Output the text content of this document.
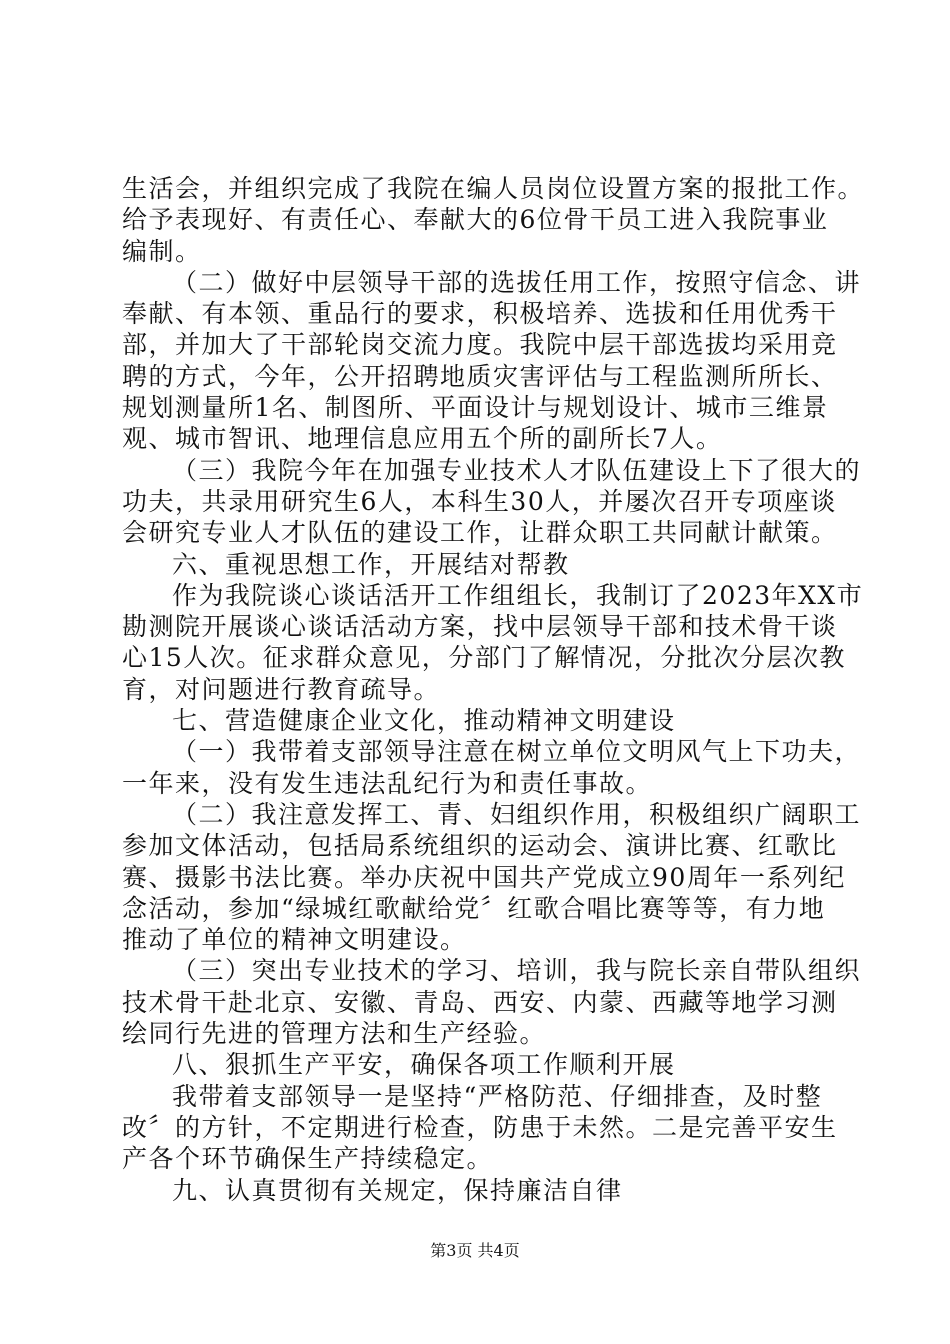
生活会，并组织完成了我院在编人员岗位设置方案的报批工作。
给予表现好、有责任心、奉献大的6位骨干员工进入我院事业
编制。
（二）做好中层领导干部的选拔任用工作，按照守信念、讲
奉献、有本领、重品行的要求，积极培养、选拔和任用优秀干
部，并加大了干部轮岗交流力度。我院中层干部选拔均采用竞
聘的方式，今年，公开招聘地质灾害评估与工程监测所所长、
规划测量所1名、制图所、平面设计与规划设计、城市三维景
观、城市智讯、地理信息应用五个所的副所长7人。
（三）我院今年在加强专业技术人才队伍建设上下了很大的
功夫，共录用研究生6人，本科生30人，并屡次召开专项座谈
会研究专业人才队伍的建设工作，让群众职工共同献计献策。
六、重视思想工作，开展结对帮教
作为我院谈心谈话活开工作组组长，我制订了2023年XX市
勘测院开展谈心谈话活动方案，找中层领导干部和技术骨干谈
心15人次。征求群众意见，分部门了解情况，分批次分层次教
育，对问题进行教育疏导。
七、营造健康企业文化，推动精神文明建设
（一）我带着支部领导注意在树立单位文明风气上下功夫，
一年来，没有发生违法乱纪行为和责任事故。
（二）我注意发挥工、青、妇组织作用，积极组织广阔职工
参加文体活动，包括局系统组织的运动会、演讲比赛、红歌比
赛、摄影书法比赛。举办庆祝中国共产党成立90周年一系列纪
念活动，参加“绿城红歌献给党〞红歌合唱比赛等等，有力地
推动了单位的精神文明建设。
（三）突出专业技术的学习、培训，我与院长亲自带队组织
技术骨干赴北京、安徽、青岛、西安、内蒙、西藏等地学习测
绘同行先进的管理方法和生产经验。
八、狠抓生产平安，确保各项工作顺利开展
我带着支部领导一是坚持“严格防范、仔细排查，及时整
改〞的方针，不定期进行检查，防患于未然。二是完善平安生
产各个环节确保生产持续稳定。
九、认真贯彻有关规定，保持廉洁自律
第3页 共4页
